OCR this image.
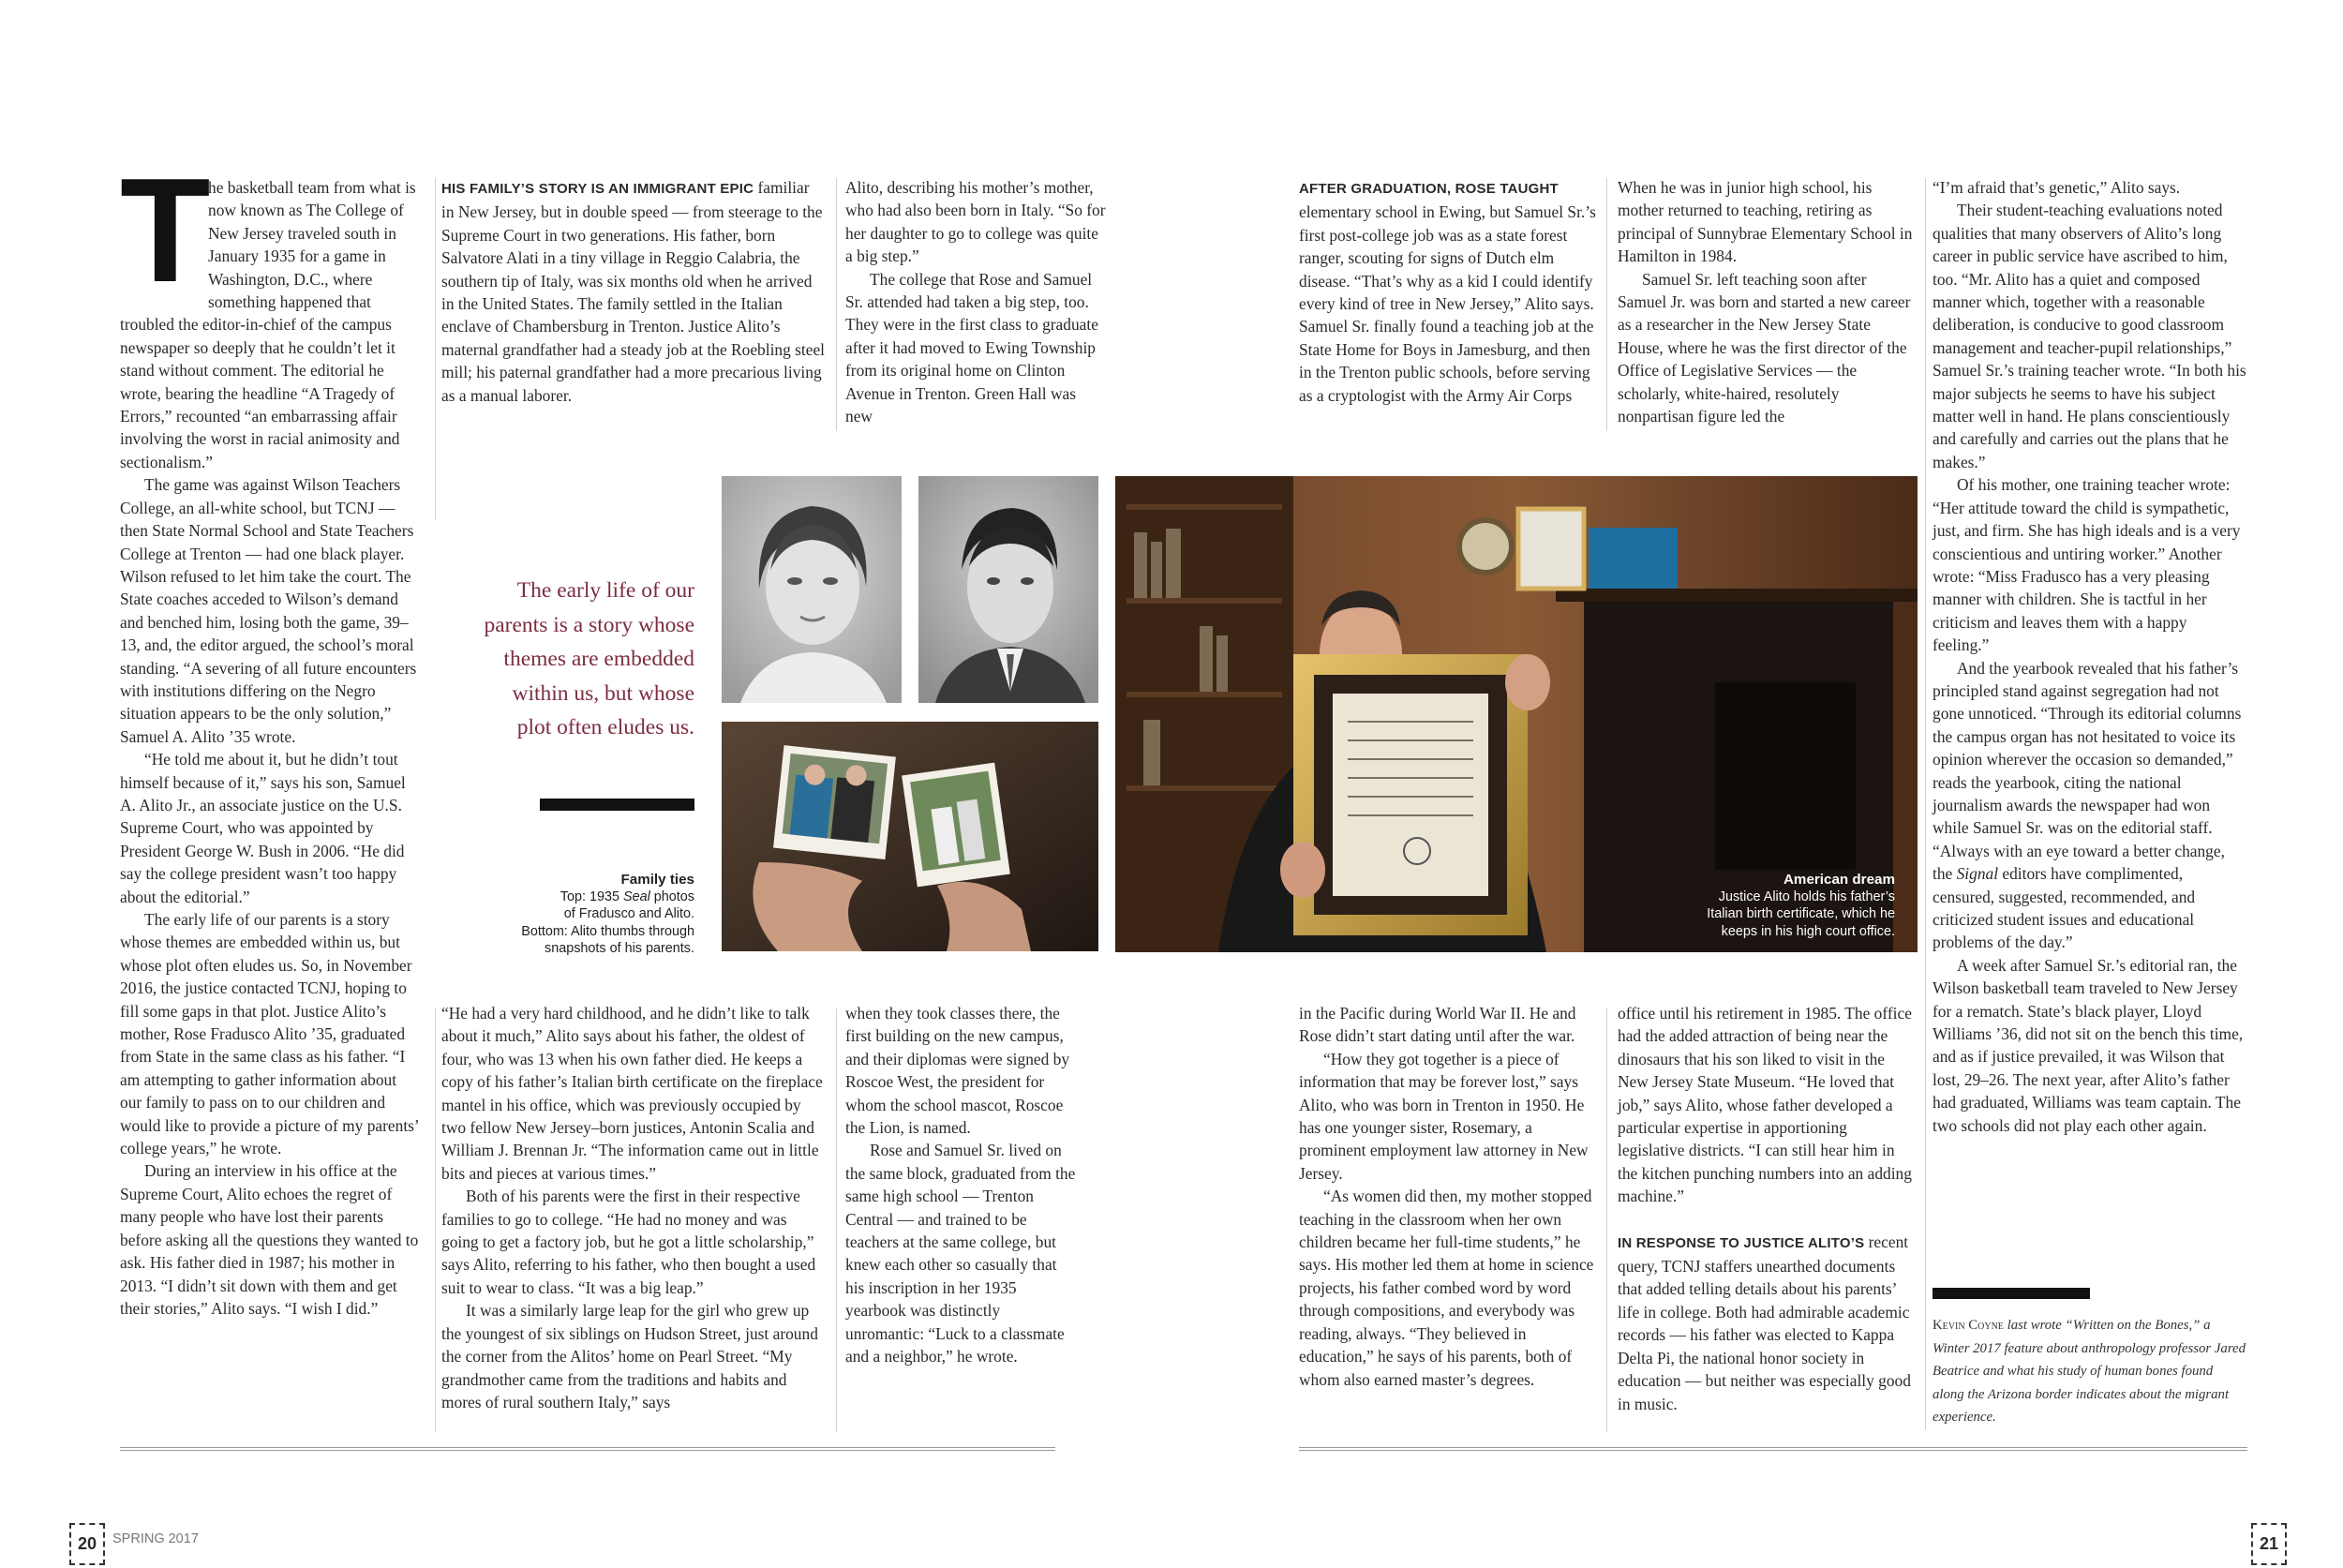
T

he basketball team from what is now known as The College of New Jersey traveled south in January 1935 for a game in Washington, D.C., where something happened that troubled the editor-in-chief of the campus newspaper so deeply that he couldn’t let it stand without comment. The editorial he wrote, bearing the headline “A Tragedy of Errors,” recounted “an embarrassing affair involving the worst in racial animosity and sectionalism.”

The game was against Wilson Teachers College, an all-white school, but TCNJ — then State Normal School and State Teachers College at Trenton — had one black player. Wilson refused to let him take the court. The State coaches acceded to Wilson’s demand and benched him, losing both the game, 39–13, and, the editor argued, the school’s moral standing. “A severing of all future encounters with institutions differing on the Negro situation appears to be the only solution,” Samuel A. Alito ’35 wrote.

“He told me about it, but he didn’t tout himself because of it,” says his son, Samuel A. Alito Jr., an associate justice on the U.S. Supreme Court, who was appointed by President George W. Bush in 2006. “He did say the college president wasn’t too happy about the editorial.”

The early life of our parents is a story whose themes are embedded within us, but whose plot often eludes us. So, in November 2016, the justice contacted TCNJ, hoping to fill some gaps in that plot. Justice Alito’s mother, Rose Fradusco Alito ’35, graduated from State in the same class as his father. “I am attempting to gather information about our family to pass on to our children and would like to provide a picture of my parents’ college years,” he wrote.

During an interview in his office at the Supreme Court, Alito echoes the regret of many people who have lost their parents before asking all the questions they wanted to ask. His father died in 1987; his mother in 2013. “I didn’t sit down with them and get their stories,” Alito says. “I wish I did.”

HIS FAMILY’S STORY IS AN IMMIGRANT EPIC familiar in New Jersey, but in double speed — from steerage to the Supreme Court in two generations. His father, born Salvatore Alati in a tiny village in Reggio Calabria, the southern tip of Italy, was six months old when he arrived in the United States. The family settled in the Italian enclave of Chambersburg in Trenton. Justice Alito’s maternal grandfather had a steady job at the Roebling steel mill; his paternal grandfather had a more precarious living as a manual laborer.

Alito, describing his mother’s mother, who had also been born in Italy. “So for her daughter to go to college was quite a big step.”

The college that Rose and Samuel Sr. attended had taken a big step, too. They were in the first class to graduate after it had moved to Ewing Township from its original home on Clinton Avenue in Trenton. Green Hall was new

AFTER GRADUATION, ROSE TAUGHT elementary school in Ewing, but Samuel Sr.’s first post-college job was as a state forest ranger, scouting for signs of Dutch elm disease. “That’s why as a kid I could identify every kind of tree in New Jersey,” Alito says. Samuel Sr. finally found a teaching job at the State Home for Boys in Jamesburg, and then in the Trenton public schools, before serving as a cryptologist with the Army Air Corps

When he was in junior high school, his mother returned to teaching, retiring as principal of Sunnybrae Elementary School in Hamilton in 1984.

Samuel Sr. left teaching soon after Samuel Jr. was born and started a new career as a researcher in the New Jersey State House, where he was the first director of the Office of Legislative Services — the scholarly, white-haired, resolutely nonpartisan figure led the

“I’m afraid that’s genetic,” Alito says.

Their student-teaching evaluations noted qualities that many observers of Alito’s long career in public service have ascribed to him, too. “Mr. Alito has a quiet and composed manner which, together with a reasonable deliberation, is conducive to good classroom management and teacher-pupil relationships,” Samuel Sr.’s training teacher wrote. “In both his major subjects he seems to have his subject matter well in hand. He plans conscientiously and carefully and carries out the plans that he makes.”

Of his mother, one training teacher wrote: “Her attitude toward the child is sympathetic, just, and firm. She has high ideals and is a very conscientious and untiring worker.” Another wrote: “Miss Fradusco has a very pleasing manner with children. She is tactful in her criticism and leaves them with a happy feeling.”

And the yearbook revealed that his father’s principled stand against segregation had not gone unnoticed. “Through its editorial columns the campus organ has not hesitated to voice its opinion wherever the occasion so demanded,” reads the yearbook, citing the national journalism awards the newspaper had won while Samuel Sr. was on the editorial staff. “Always with an eye toward a better change, the Signal editors have complimented, censured, suggested, recommended, and criticized student issues and educational problems of the day.”

A week after Samuel Sr.’s editorial ran, the Wilson basketball team traveled to New Jersey for a rematch. State’s black player, Lloyd Williams ’36, did not sit on the bench this time, and as if justice prevailed, it was Wilson that lost, 29–26. The next year, after Alito’s father had graduated, Williams was team captain. The two schools did not play each other again.

The early life of our parents is a story whose themes are embedded within us, but whose plot often eludes us.
Family ties
Top: 1935 Seal photos
of Fradusco and Alito.
Bottom: Alito thumbs through
snapshots of his parents.
American dream
Justice Alito holds his father’s
Italian birth certificate, which he
keeps in his high court office.

“He had a very hard childhood, and he didn’t like to talk about it much,” Alito says about his father, the oldest of four, who was 13 when his own father died. He keeps a copy of his father’s Italian birth certificate on the fireplace mantel in his office, which was previously occupied by two fellow New Jersey–born justices, Antonin Scalia and William J. Brennan Jr. “The information came out in little bits and pieces at various times.”

Both of his parents were the first in their respective families to go to college. “He had no money and was going to get a factory job, but he got a little scholarship,” says Alito, referring to his father, who then bought a used suit to wear to class. “It was a big leap.”

It was a similarly large leap for the girl who grew up the youngest of six siblings on Hudson Street, just around the corner from the Alitos’ home on Pearl Street. “My grandmother came from the traditions and habits and mores of rural southern Italy,” says

when they took classes there, the first building on the new campus, and their diplomas were signed by Roscoe West, the president for whom the school mascot, Roscoe the Lion, is named.

Rose and Samuel Sr. lived on the same block, graduated from the same high school — Trenton Central — and trained to be teachers at the same college, but knew each other so casually that his inscription in her 1935 yearbook was distinctly unromantic: “Luck to a classmate and a neighbor,” he wrote.

in the Pacific during World War II. He and Rose didn’t start dating until after the war.

“How they got together is a piece of information that may be forever lost,” says Alito, who was born in Trenton in 1950. He has one younger sister, Rosemary, a prominent employment law attorney in New Jersey.

“As women did then, my mother stopped teaching in the classroom when her own children became her full-time students,” he says. His mother led them at home in science projects, his father combed word by word through compositions, and everybody was reading, always. “They believed in education,” he says of his parents, both of whom also earned master’s degrees.

office until his retirement in 1985. The office had the added attraction of being near the dinosaurs that his son liked to visit in the New Jersey State Museum. “He loved that job,” says Alito, whose father developed a particular expertise in apportioning legislative districts. “I can still hear him in the kitchen punching numbers into an adding machine.”

IN RESPONSE TO JUSTICE ALITO’S recent query, TCNJ staffers unearthed documents that added telling details about his parents’ life in college. Both had admirable academic records — his father was elected to Kappa Delta Pi, the national honor society in education — but neither was especially good in music.

Kevin Coyne last wrote “Written on the Bones,” a Winter 2017 feature about anthropology professor Jared Beatrice and what his study of human bones found along the Arizona border indicates about the migrant experience.
20	SPRING 2017	21
